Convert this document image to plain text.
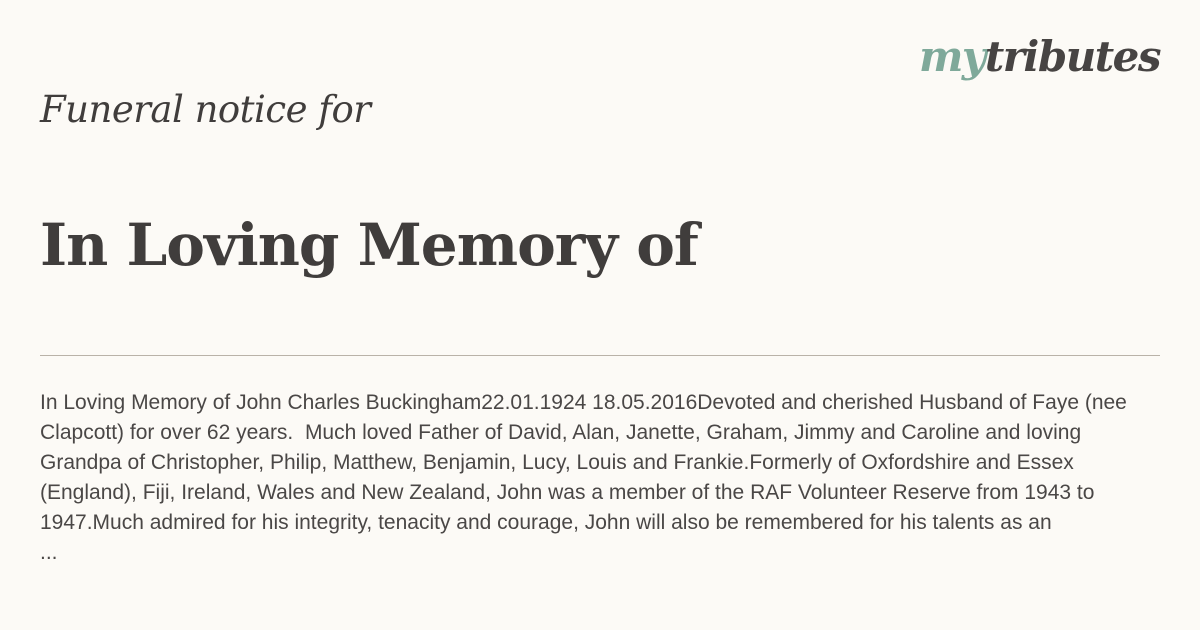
mytributes
Funeral notice for
In Loving Memory of
In Loving Memory of John Charles Buckingham22.01.1924 18.05.2016Devoted and cherished Husband of Faye (nee Clapcott) for over 62 years.  Much loved Father of David, Alan, Janette, Graham, Jimmy and Caroline and loving Grandpa of Christopher, Philip, Matthew, Benjamin, Lucy, Louis and Frankie.Formerly of Oxfordshire and Essex (England), Fiji, Ireland, Wales and New Zealand, John was a member of the RAF Volunteer Reserve from 1943 to 1947.Much admired for his integrity, tenacity and courage, John will also be remembered for his talents as an
...
